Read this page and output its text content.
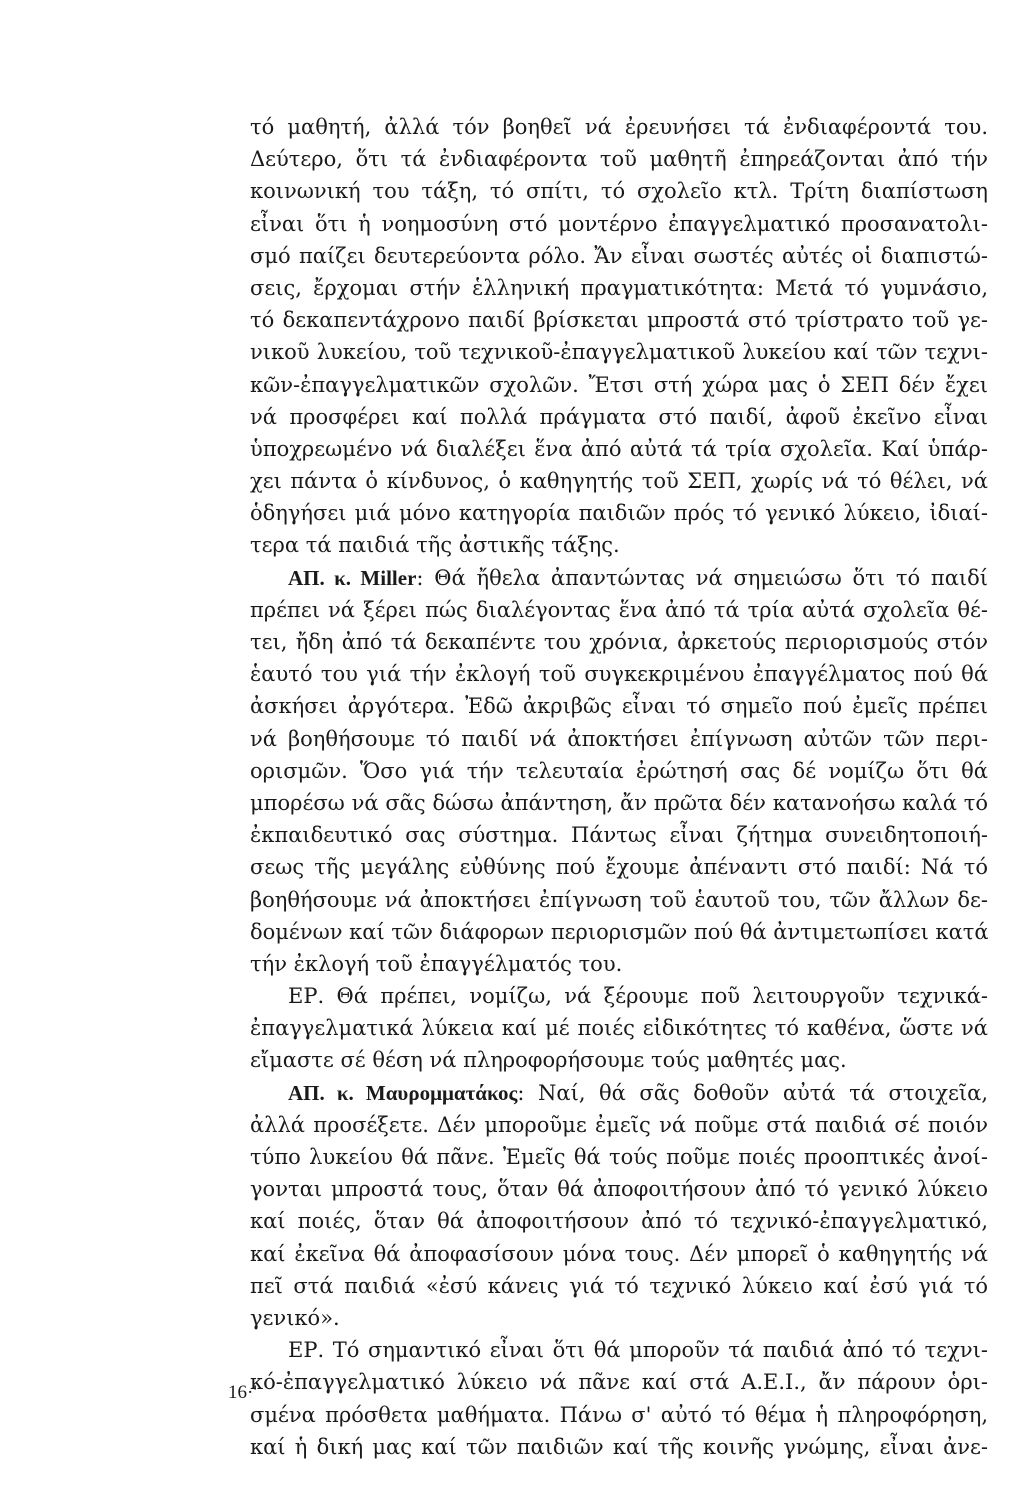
τό μαθητή, ἀλλά τόν βοηθεῖ νά ἐρευνήσει τά ἐνδιαφέροντά του.
Δεύτερο, ὅτι τά ἐνδιαφέροντα τοῦ μαθητῆ ἐπηρεάζονται ἀπό τήν
κοινωνική του τάξη, τό σπίτι, τό σχολεῖο κτλ. Τρίτη διαπίστωση
εἶναι ὅτι ἡ νοημοσύνη στό μοντέρνο ἐπαγγελματικό προσανατολι-
σμό παίζει δευτερεύοντα ρόλο. Ἄν εἶναι σωστές αὐτές οἱ διαπιστώ-
σεις, ἔρχομαι στήν ἑλληνική πραγματικότητα: Μετά τό γυμνάσιο,
τό δεκαπεντάχρονο παιδί βρίσκεται μπροστά στό τρίστρατο τοῦ γε-
νικοῦ λυκείου, τοῦ τεχνικοῦ-ἐπαγγελματικοῦ λυκείου καί τῶν τεχνι-
κῶν-ἐπαγγελματικῶν σχολῶν. Ἔτσι στή χώρα μας ὁ ΣΕΠ δέν ἔχει
νά προσφέρει καί πολλά πράγματα στό παιδί, ἀφοῦ ἐκεῖνο εἶναι
ὑποχρεωμένο νά διαλέξει ἕνα ἀπό αὐτά τά τρία σχολεῖα. Καί ὑπάρ-
χει πάντα ὁ κίνδυνος, ὁ καθηγητής τοῦ ΣΕΠ, χωρίς νά τό θέλει, νά
ὁδηγήσει μιά μόνο κατηγορία παιδιῶν πρός τό γενικό λύκειο, ἰδιαί-
τερα τά παιδιά τῆς ἀστικῆς τάξης.
ΑΠ. κ. Miller: Θά ἤθελα ἀπαντώντας νά σημειώσω ὅτι τό παιδί
πρέπει νά ξέρει πώς διαλέγοντας ἕνα ἀπό τά τρία αὐτά σχολεῖα θέ-
τει, ἤδη ἀπό τά δεκαπέντε του χρόνια, ἀρκετούς περιορισμούς στόν
ἑαυτό του γιά τήν ἐκλογή τοῦ συγκεκριμένου ἐπαγγέλματος πού θά
ἀσκήσει ἀργότερα. Ἐδῶ ἀκριβῶς εἶναι τό σημεῖο πού ἐμεῖς πρέπει
νά βοηθήσουμε τό παιδί νά ἀποκτήσει ἐπίγνωση αὐτῶν τῶν περι-
ορισμῶν. Ὅσο γιά τήν τελευταία ἐρώτησή σας δέ νομίζω ὅτι θά
μπορέσω νά σᾶς δώσω ἀπάντηση, ἄν πρῶτα δέν κατανοήσω καλά τό
ἐκπαιδευτικό σας σύστημα. Πάντως εἶναι ζήτημα συνειδητοποιή-
σεως τῆς μεγάλης εὐθύνης πού ἔχουμε ἀπέναντι στό παιδί: Νά τό
βοηθήσουμε νά ἀποκτήσει ἐπίγνωση τοῦ ἑαυτοῦ του, τῶν ἄλλων δε-
δομένων καί τῶν διάφορων περιορισμῶν πού θά ἀντιμετωπίσει κατά
τήν ἐκλογή τοῦ ἐπαγγέλματός του.
ΕΡ. Θά πρέπει, νομίζω, νά ξέρουμε ποῦ λειτουργοῦν τεχνικά-
ἐπαγγελματικά λύκεια καί μέ ποιές εἰδικότητες τό καθένα, ὥστε νά
εἴμαστε σέ θέση νά πληροφορήσουμε τούς μαθητές μας.
ΑΠ. κ. Μαυρομματάκος: Ναί, θά σᾶς δοθοῦν αὐτά τά στοιχεῖα,
ἀλλά προσέξετε. Δέν μποροῦμε ἐμεῖς νά ποῦμε στά παιδιά σέ ποιόν
τύπο λυκείου θά πᾶνε. Ἐμεῖς θά τούς ποῦμε ποιές προοπτικές ἀνοί-
γονται μπροστά τους, ὅταν θά ἀποφοιτήσουν ἀπό τό γενικό λύκειο
καί ποιές, ὅταν θά ἀποφοιτήσουν ἀπό τό τεχνικό-ἐπαγγελματικό,
καί ἐκεῖνα θά ἀποφασίσουν μόνα τους. Δέν μπορεῖ ὁ καθηγητής νά
πεῖ στά παιδιά «ἐσύ κάνεις γιά τό τεχνικό λύκειο καί ἐσύ γιά τό
γενικό».
ΕΡ. Τό σημαντικό εἶναι ὅτι θά μποροῦν τά παιδιά ἀπό τό τεχνι-
κό-ἐπαγγελματικό λύκειο νά πᾶνε καί στά Α.Ε.Ι., ἄν πάρουν ὁρι-
σμένα πρόσθετα μαθήματα. Πάνω σ' αὐτό τό θέμα ἡ πληροφόρηση,
καί ἡ δική μας καί τῶν παιδιῶν καί τῆς κοινῆς γνώμης, εἶναι ἀνε-
16·'
